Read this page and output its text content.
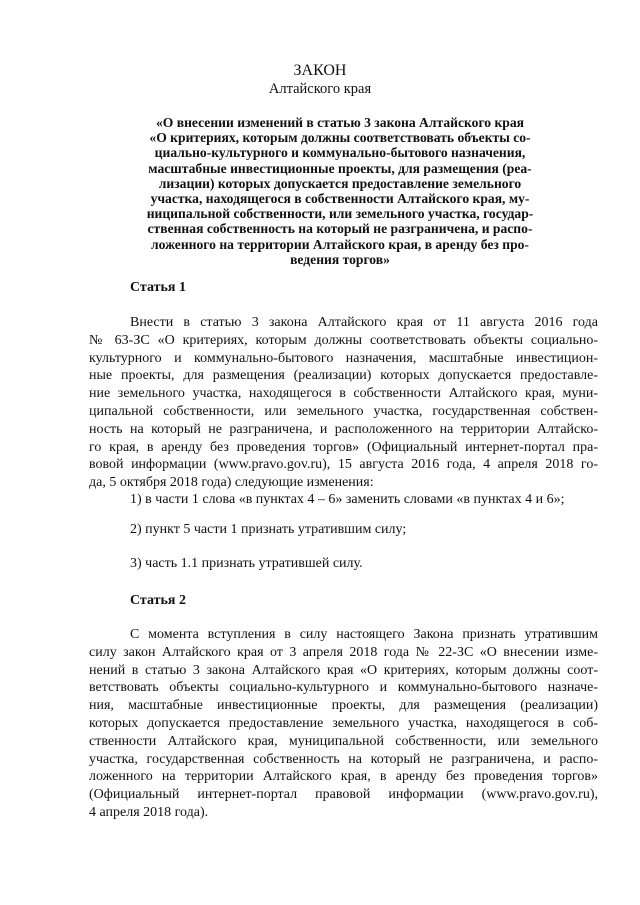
ЗАКОН
Алтайского края
«О внесении изменений в статью 3 закона Алтайского края
«О критериях, которым должны соответствовать объекты со-
циально-культурного и коммунально-бытового назначения,
масштабные инвестиционные проекты, для размещения (реа-
лизации) которых допускается предоставление земельного
участка, находящегося в собственности Алтайского края, му-
ниципальной собственности, или земельного участка, государ-
ственная собственность на который не разграничена, и распо-
ложенного на территории Алтайского края, в аренду без про-
ведения торгов»
Статья 1
Внести в статью 3 закона Алтайского края от 11 августа 2016 года
№ 63-ЗС «О критериях, которым должны соответствовать объекты социально-
культурного и коммунально-бытового назначения, масштабные инвестицион-
ные проекты, для размещения (реализации) которых допускается предоставле-
ние земельного участка, находящегося в собственности Алтайского края, муни-
ципальной собственности, или земельного участка, государственная собствен-
ность на который не разграничена, и расположенного на территории Алтайско-
го края, в аренду без проведения торгов» (Официальный интернет-портал пра-
вовой информации (www.pravo.gov.ru), 15 августа 2016 года, 4 апреля 2018 го-
да, 5 октября 2018 года) следующие изменения:
1) в части 1 слова «в пунктах 4 – 6» заменить словами «в пунктах 4 и 6»;
2) пункт 5 части 1 признать утратившим силу;
3) часть 1.1 признать утратившей силу.
Статья 2
С момента вступления в силу настоящего Закона признать утратившим
силу закон Алтайского края от 3 апреля 2018 года № 22-ЗС «О внесении изме-
нений в статью 3 закона Алтайского края «О критериях, которым должны соот-
ветствовать объекты социально-культурного и коммунально-бытового назначе-
ния, масштабные инвестиционные проекты, для размещения (реализации)
которых допускается предоставление земельного участка, находящегося в соб-
ственности Алтайского края, муниципальной собственности, или земельного
участка, государственная собственность на который не разграничена, и распо-
ложенного на территории Алтайского края, в аренду без проведения торгов»
(Официальный интернет-портал правовой информации (www.pravo.gov.ru),
4 апреля 2018 года).
